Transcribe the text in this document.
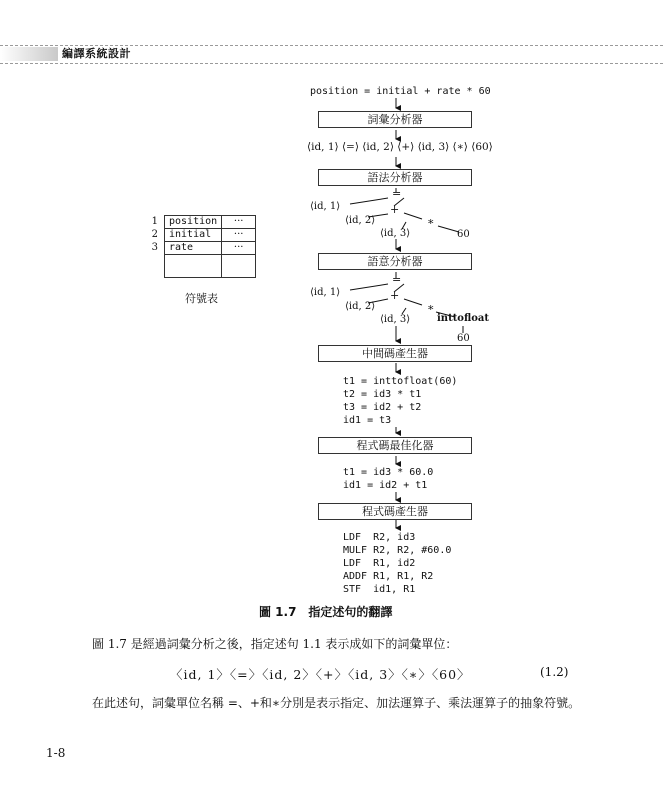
編譯系統設計
position = initial + rate * 60
詞彙分析器
⟨id, 1⟩ ⟨=⟩ ⟨id, 2⟩ ⟨+⟩ ⟨id, 3⟩ ⟨∗⟩ ⟨60⟩
語法分析器
=
⟨id, 1⟩	+
⟨id, 2⟩	∗
⟨id, 3⟩	60
語意分析器
=
⟨id, 1⟩	+
⟨id, 2⟩	∗
⟨id, 3⟩	inttofloat
60
中間碼產生器
t1 = inttofloat(60)
t2 = id3 * t1
t3 = id2 + t2
id1 = t3
程式碼最佳化器
t1 = id3 * 60.0
id1 = id2 + t1
程式碼產生器
LDF  R2, id3
MULF R2, R2, #60.0
LDF  R1, id2
ADDF R1, R1, R2
STF  id1, R1
1	position	···
2	initial	···
3	rate	···

符號表
圖 1.7　指定述句的翻譯
圖 1.7 是經過詞彙分析之後，指定述句 1.1 表示成如下的詞彙單位：
〈id, 1〉〈=〉〈id, 2〉〈+〉〈id, 3〉〈∗〉〈60〉	(1.2)
在此述句，詞彙單位名稱 =、+和∗分別是表示指定、加法運算子、乘法運算子的抽象符號。
1-8
